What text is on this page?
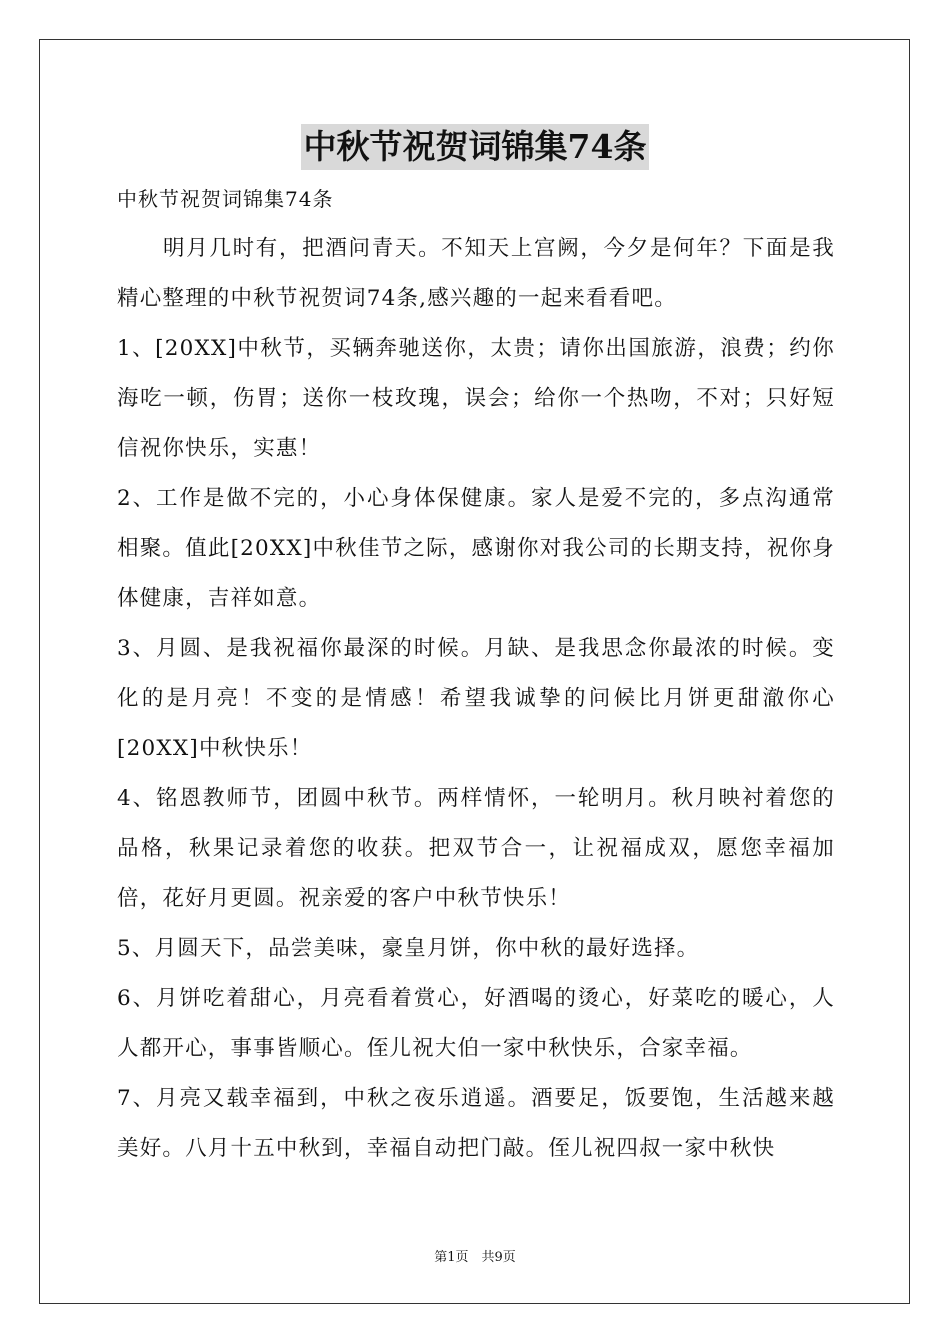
中秋节祝贺词锦集74条

中秋节祝贺词锦集74条

明月几时有，把酒问青天。不知天上宫阙，今夕是何年？下面是我精心整理的中秋节祝贺词74条,感兴趣的一起来看看吧。

1、[20XX]中秋节，买辆奔驰送你，太贵；请你出国旅游，浪费；约你海吃一顿，伤胃；送你一枝玫瑰，误会；给你一个热吻，不对；只好短信祝你快乐，实惠！

2、工作是做不完的，小心身体保健康。家人是爱不完的，多点沟通常相聚。值此[20XX]中秋佳节之际，感谢你对我公司的长期支持，祝你身体健康，吉祥如意。

3、月圆、是我祝福你最深的时候。月缺、是我思念你最浓的时候。变化的是月亮！不变的是情感！希望我诚挚的问候比月饼更甜澈你心[20XX]中秋快乐！

4、铭恩教师节，团圆中秋节。两样情怀，一轮明月。秋月映衬着您的品格，秋果记录着您的收获。把双节合一，让祝福成双，愿您幸福加倍，花好月更圆。祝亲爱的客户中秋节快乐！

5、月圆天下，品尝美味，豪皇月饼，你中秋的最好选择。

6、月饼吃着甜心，月亮看着赏心，好酒喝的烫心，好菜吃的暖心，人人都开心，事事皆顺心。侄儿祝大伯一家中秋快乐，合家幸福。

7、月亮又载幸福到，中秋之夜乐逍遥。酒要足，饭要饱，生活越来越美好。八月十五中秋到，幸福自动把门敲。侄儿祝四叔一家中秋快

第1页　共9页
